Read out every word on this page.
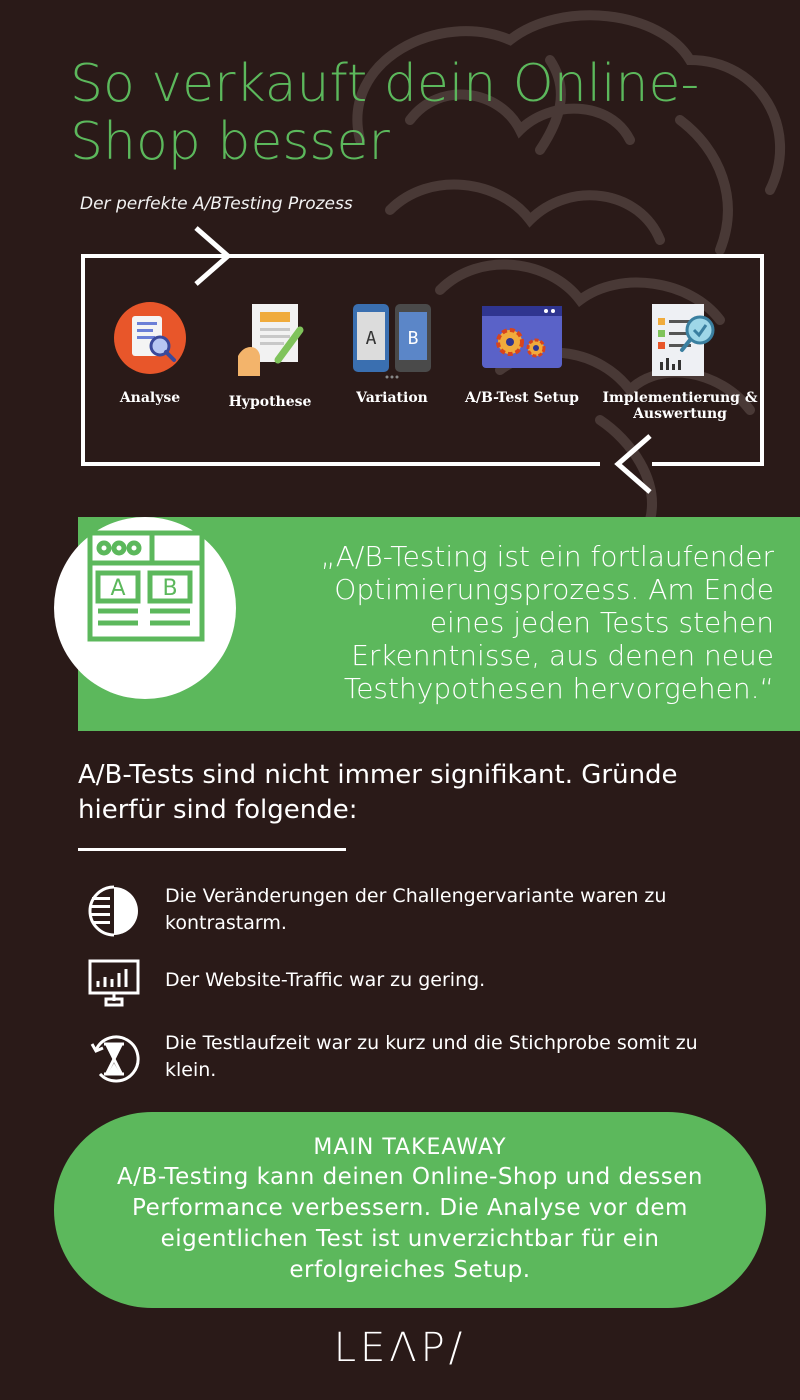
So verkauft dein Online-Shop besser
Der perfekte A/BTesting Prozess
Analyse	Hypothese
A B
Variation	A/B-Test Setup	Implementierung & Auswertung
A B
„A/B-Testing ist ein fortlaufender Optimierungsprozess. Am Ende eines jeden Tests stehen Erkenntnisse, aus denen neue Testhypothesen hervorgehen.“
A/B-Tests sind nicht immer signifikant. Gründe hierfür sind folgende:
Die Veränderungen der Challengervariante waren zu kontrastarm.
Der Website-Traffic war zu gering.
Die Testlaufzeit war zu kurz und die Stichprobe somit zu klein.
MAIN TAKEAWAY
A/B-Testing kann deinen Online-Shop und dessen Performance verbessern. Die Analyse vor dem eigentlichen Test ist unverzichtbar für ein erfolgreiches Setup.
LEΛP/
